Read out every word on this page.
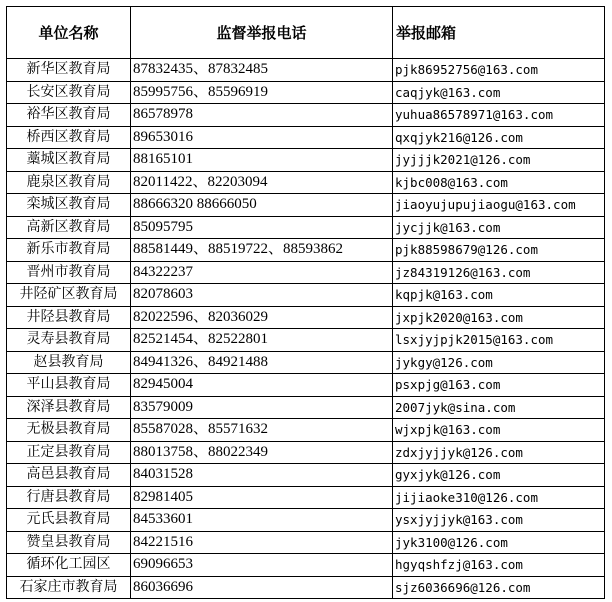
单位名称	监督举报电话	举报邮箱
新华区教育局	87832435、87832485	pjk86952756@163.com
长安区教育局	85995756、85596919	caqjyk@163.com
裕华区教育局	86578978	yuhua86578971@163.com
桥西区教育局	89653016	qxqjyk216@126.com
藁城区教育局	88165101	jyjjjk2021@126.com
鹿泉区教育局	82011422、82203094	kjbc008@163.com
栾城区教育局	88666320 88666050	jiaoyujupujiaogu@163.com
高新区教育局	85095795	jycjjk@163.com
新乐市教育局	88581449、88519722、88593862	pjk88598679@126.com
晋州市教育局	84322237	jz84319126@163.com
井陉矿区教育局	82078603	kqpjk@163.com
井陉县教育局	82022596、82036029	jxpjk2020@163.com
灵寿县教育局	82521454、82522801	lsxjyjpjk2015@163.com
赵县教育局	84941326、84921488	jykgy@126.com
平山县教育局	82945004	psxpjg@163.com
深泽县教育局	83579009	2007jyk@sina.com
无极县教育局	85587028、85571632	wjxpjk@163.com
正定县教育局	88013758、88022349	zdxjyjjyk@126.com
高邑县教育局	84031528	gyxjyk@126.com
行唐县教育局	82981405	jijiaoke310@126.com
元氏县教育局	84533601	ysxjyjjyk@163.com
赞皇县教育局	84221516	jyk3100@126.com
循环化工园区	69096653	hgyqshfzj@163.com
石家庄市教育局	86036696	sjz6036696@126.com
